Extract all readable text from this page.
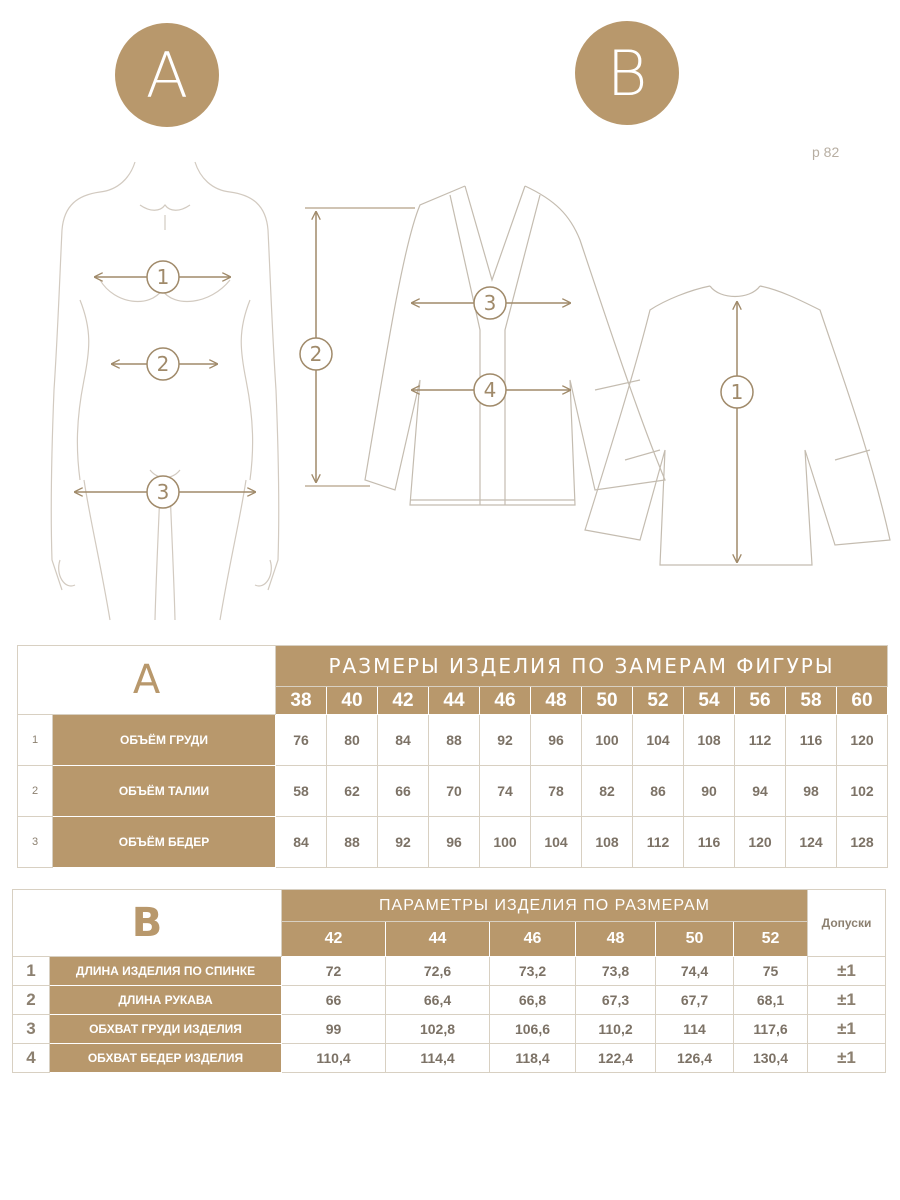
A	B
р 82
1
2
3
2
3
4	1
A		РАЗМЕРЫ ИЗДЕЛИЯ ПО ЗАМЕРАМ ФИГУРЫ											
		38	40	42	44	46	48	50	52	54	56	58	60
1	ОБЪЁМ ГРУДИ	76	80	84	88	92	96	100	104	108	112	116	120
2	ОБЪЁМ ТАЛИИ	58	62	66	70	74	78	82	86	90	94	98	102
3	ОБЪЁМ БЕДЕР	84	88	92	96	100	104	108	112	116	120	124	128
B		ПАРАМЕТРЫ ИЗДЕЛИЯ ПО РАЗМЕРАМ						Допуски
		42	44	46	48	50	52	
1	ДЛИНА ИЗДЕЛИЯ ПО СПИНКЕ	72	72,6	73,2	73,8	74,4	75	±1
2	ДЛИНА РУКАВА	66	66,4	66,8	67,3	67,7	68,1	±1
3	ОБХВАТ ГРУДИ ИЗДЕЛИЯ	99	102,8	106,6	110,2	114	117,6	±1
4	ОБХВАТ БЕДЕР ИЗДЕЛИЯ	110,4	114,4	118,4	122,4	126,4	130,4	±1
